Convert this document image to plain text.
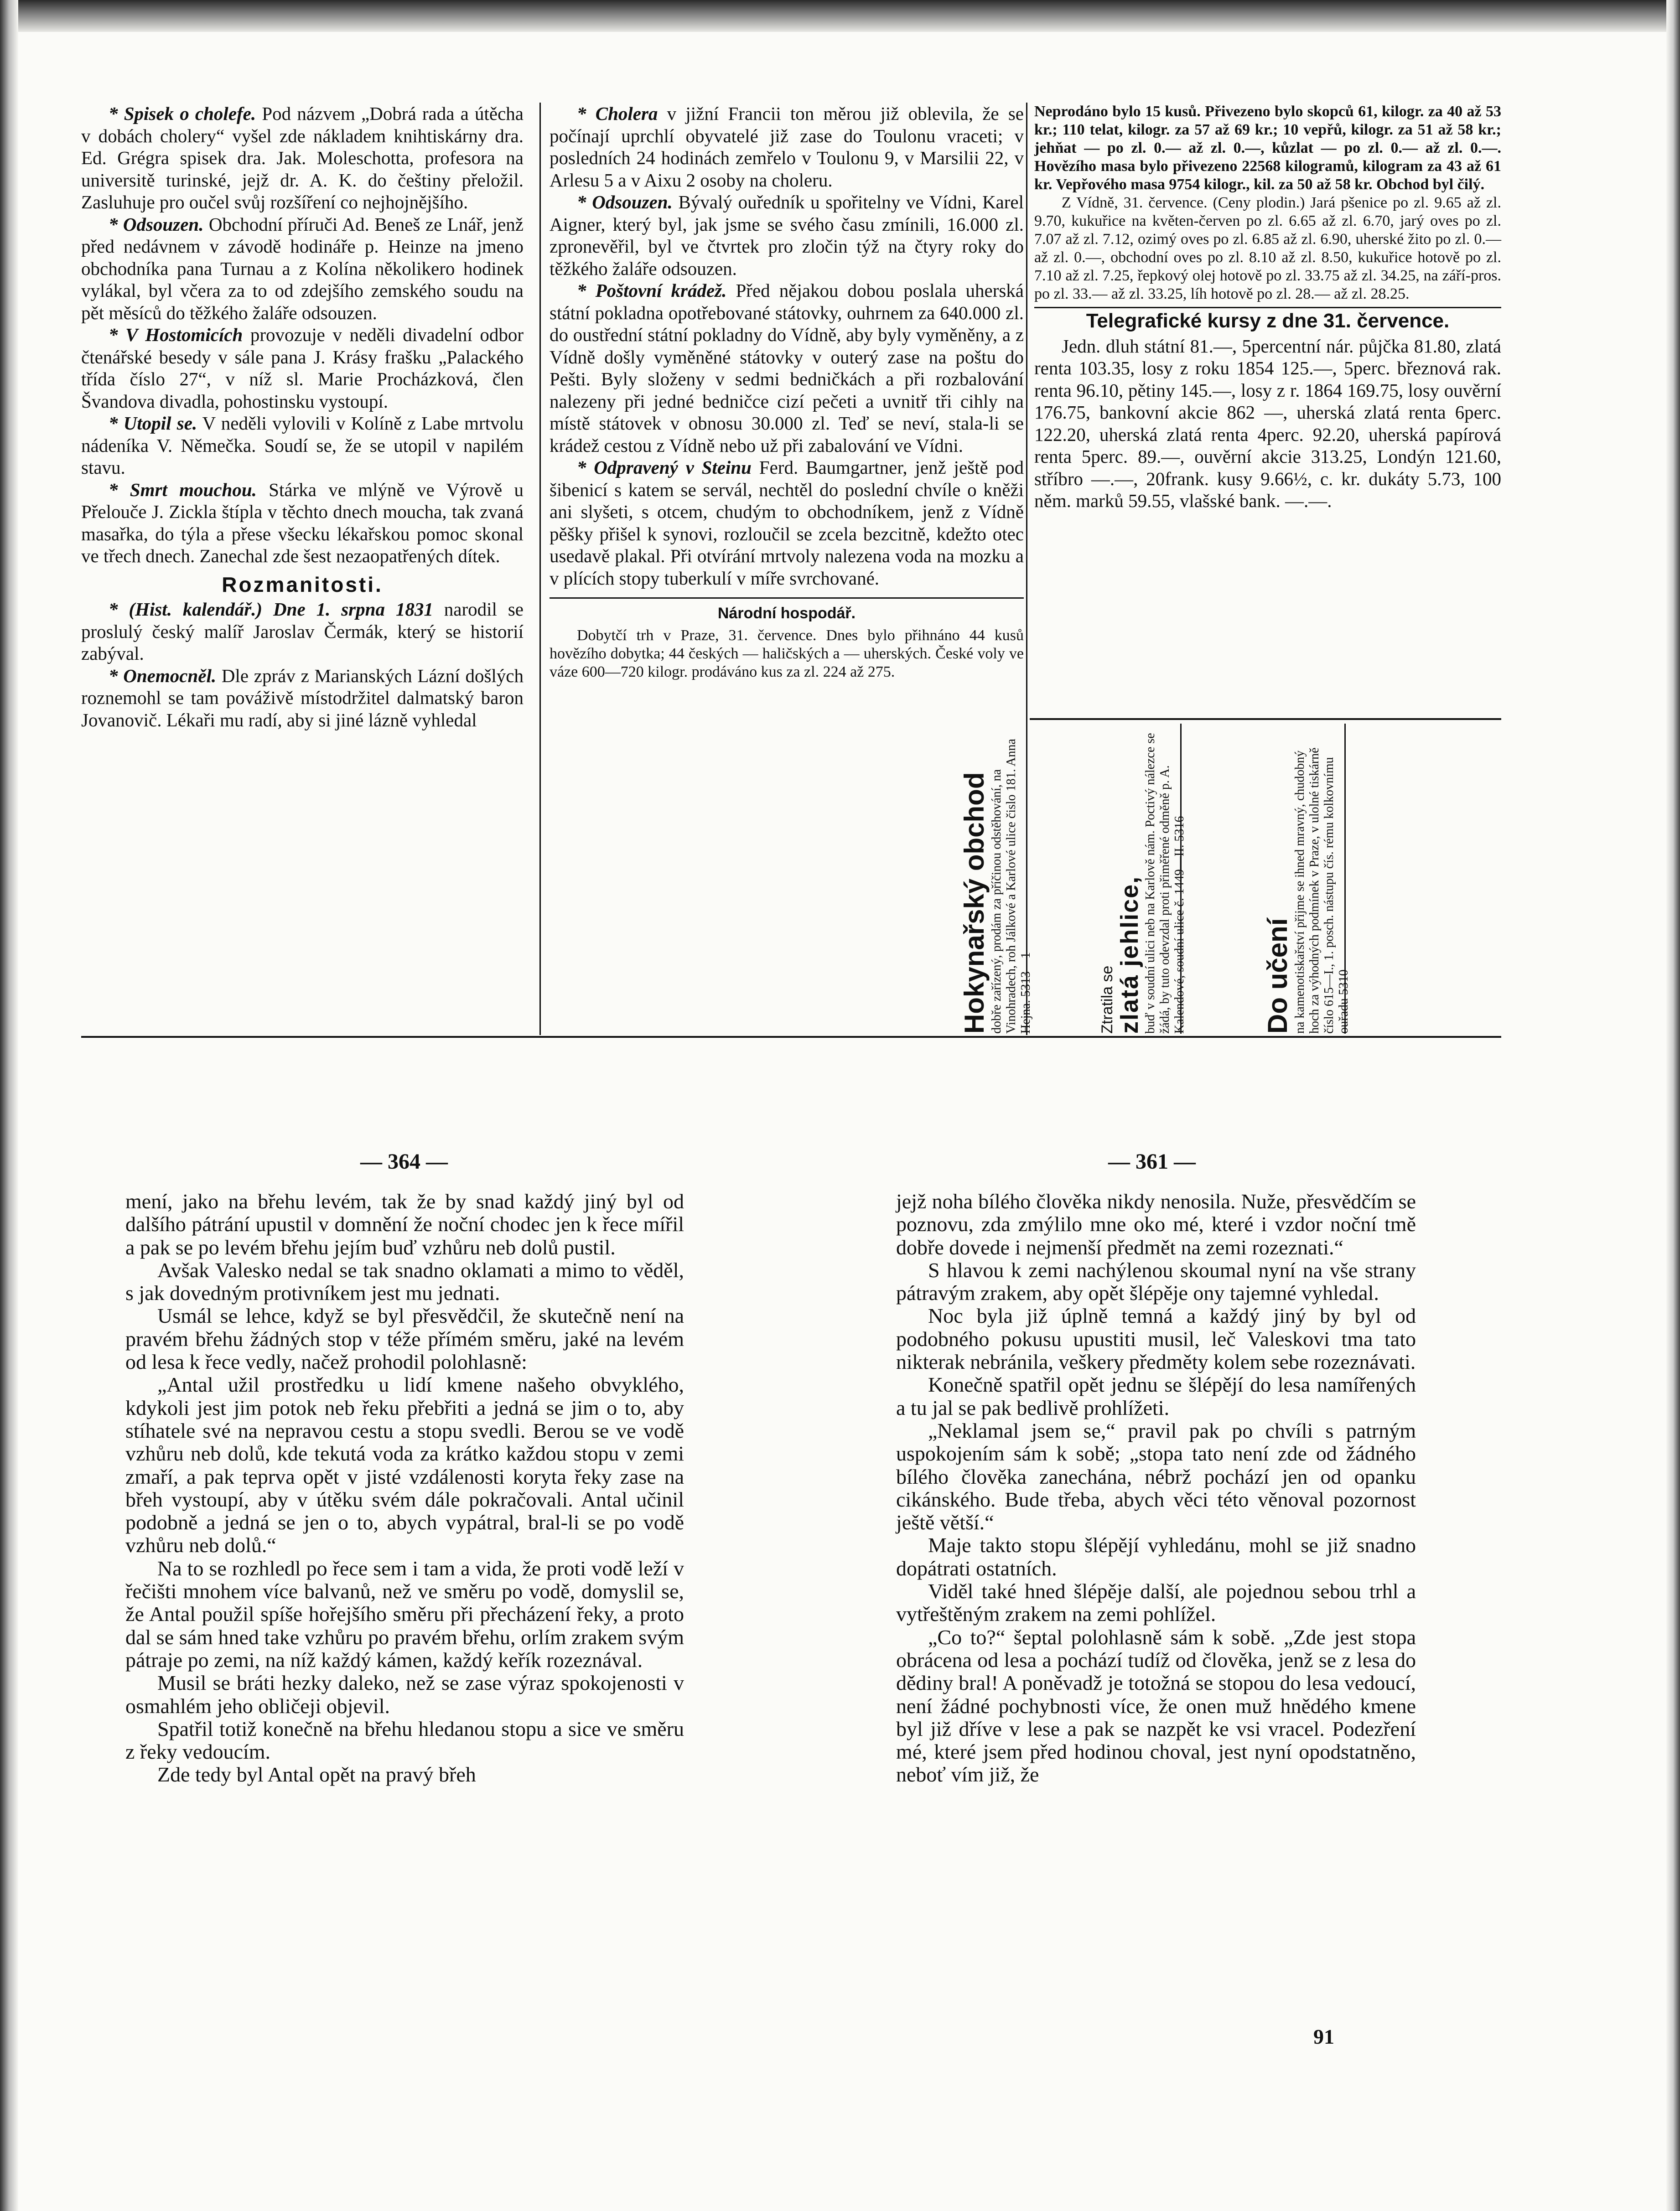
* Spisek o cholefe. Pod názvem „Dobrá rada a útěcha v dobách cholery“ vyšel zde nákladem knihtiskárny dra. Ed. Grégra spisek dra. Jak. Moleschotta, profesora na universitě turinské, jejž dr. A. K. do češtiny přeložil. Zasluhuje pro oučel svůj rozšíření co nejhojnějšího.

* Odsouzen. Obchodní příruči Ad. Beneš ze Lnář, jenž před nedávnem v závodě hodináře p. Heinze na jmeno obchodníka pana Turnau a z Kolína několikero hodinek vylákal, byl včera za to od zdejšího zemského soudu na pět měsíců do těžkého žaláře odsouzen.

* V Hostomicích provozuje v neděli divadelní odbor čtenářské besedy v sále pana J. Krásy frašku „Palackého třída číslo 27“, v níž sl. Marie Procházková, člen Švandova divadla, pohostinsku vystoupí.

* Utopil se. V neděli vylovili v Kolíně z Labe mrtvolu nádeníka V. Němečka. Soudí se, že se utopil v napilém stavu.

* Smrt mouchou. Stárka ve mlýně ve Výrově u Přelouče J. Zickla štípla v těchto dnech moucha, tak zvaná masařka, do týla a přese všecku lékařskou pomoc skonal ve třech dnech. Zanechal zde šest nezaopatřených dítek.

Rozmanitosti.

* (Hist. kalendář.) Dne 1. srpna 1831 narodil se proslulý český malíř Jaroslav Čermák, který se historií zabýval.

* Onemocněl. Dle zpráv z Marianských Lázní došlých roznemohl se tam pováživě místodržitel dalmatský baron Jovanovič. Lékaři mu radí, aby si jiné lázně vyhledal

* Cholera v jižní Francii ton měrou již oblevila, že se počínají uprchlí obyvatelé již zase do Toulonu vraceti; v posledních 24 hodinách zemřelo v Toulonu 9, v Marsilii 22, v Arlesu 5 a v Aixu 2 osoby na choleru.

* Odsouzen. Bývalý ouředník u spořitelny ve Vídni, Karel Aigner, který byl, jak jsme se svého času zmínili, 16.000 zl. zpronevěřil, byl ve čtvrtek pro zločin týž na čtyry roky do těžkého žaláře odsouzen.

* Poštovní krádež. Před nějakou dobou poslala uherská státní pokladna opotřebované státovky, ouhrnem za 640.000 zl. do oustřední státní pokladny do Vídně, aby byly vyměněny, a z Vídně došly vyměněné státovky v outerý zase na poštu do Pešti. Byly složeny v sedmi bedničkách a při rozbalování nalezeny při jedné bedničce cizí pečeti a uvnitř tři cihly na místě státovek v obnosu 30.000 zl. Teď se neví, stala-li se krádež cestou z Vídně nebo už při zabalování ve Vídni.

* Odpravený v Steinu Ferd. Baumgartner, jenž ještě pod šibenicí s katem se servál, nechtěl do poslední chvíle o kněži ani slyšeti, s otcem, chudým to obchodníkem, jenž z Vídně pěšky přišel k synovi, rozloučil se zcela bezcitně, kdežto otec usedavě plakal. Při otvírání mrtvoly nalezena voda na mozku a v plících stopy tuberkulí v míře svrchované.

Národní hospodář.

Dobytčí trh v Praze, 31. července. Dnes bylo přihnáno 44 kusů hovězího dobytka; 44 českých — haličských a — uherských. České voly ve váze 600—720 kilogr. prodáváno kus za zl. 224 až 275.

Neprodáno bylo 15 kusů. Přivezeno bylo skopců 61, kilogr. za 40 až 53 kr.; 110 telat, kilogr. za 57 až 69 kr.; 10 vepřů, kilogr. za 51 až 58 kr.; jehňat — po zl. 0.— až zl. 0.—, kůzlat — po zl. 0.— až zl. 0.—. Hovězího masa bylo přivezeno 22568 kilogramů, kilogram za 43 až 61 kr. Vepřového masa 9754 kilogr., kil. za 50 až 58 kr. Obchod byl čilý.

Z Vídně, 31. července. (Ceny plodin.) Jará pšenice po zl. 9.65 až zl. 9.70, kukuřice na květen-červen po zl. 6.65 až zl. 6.70, jarý oves po zl. 7.07 až zl. 7.12, ozimý oves po zl. 6.85 až zl. 6.90, uherské žito po zl. 0.— až zl. 0.—, obchodní oves po zl. 8.10 až zl. 8.50, kukuřice hotově po zl. 7.10 až zl. 7.25, řepkový olej hotově po zl. 33.75 až zl. 34.25, na září-pros. po zl. 33.— až zl. 33.25, líh hotově po zl. 28.— až zl. 28.25.

Telegrafické kursy z dne 31. července.

Jedn. dluh státní 81.—, 5percentní nár. půjčka 81.80, zlatá renta 103.35, losy z roku 1854 125.—, 5perc. březnová rak. renta 96.10, pětiny 145.—, losy z r. 1864 169.75, losy ouvěrní 176.75, bankovní akcie 862 —, uherská zlatá renta 6perc. 122.20, uherská zlatá renta 4perc. 92.20, uherská papírová renta 5perc. 89.—, ouvěrní akcie 313.25, Londýn 121.60, stříbro —.—, 20frank. kusy 9.66½, c. kr. dukáty 5.73, 100 něm. marků 59.55, vlašské bank. —.—.

Hokynařský obchod dobře zařízený, prodám za příčinou odstěhování, na Vinohradech, roh Jálkové a Karlové ulice čislo 181. Anna Hejna. 5313—1	Ztratila se zlatá jehlice, buď v soudní ulici neb na Karlově nám. Poctivý nálezce se žádá, by tuto odevzdal proti přiměřené odměně p. A. Kalendové, soudní ulice č. 1449—II. 5316	Do učení na kamenotiskařství přijme se ihned mravný, chudobný hoch za výhodných podmínek v Praze, v ulolné tiskárně číslo 615—I., 1. posch. nástupu čís. rému kolkovnímu ouřadu 5310
— 364 —	— 361 —

mení, jako na břehu levém, tak že by snad každý jiný byl od dalšího pátrání upustil v domnění že noční chodec jen k řece mířil a pak se po levém břehu jejím buď vzhůru neb dolů pustil.

Avšak Valesko nedal se tak snadno oklamati a mimo to věděl, s jak dovedným protivníkem jest mu jednati.

Usmál se lehce, když se byl přesvědčil, že skutečně není na pravém břehu žádných stop v téže přímém směru, jaké na levém od lesa k řece vedly, načež prohodil polohlasně:

„Antal užil prostředku u lidí kmene našeho obvyklého, kdykoli jest jim potok neb řeku přebřiti a jedná se jim o to, aby stíhatele své na nepravou cestu a stopu svedli. Berou se ve vodě vzhůru neb dolů, kde tekutá voda za krátko každou stopu v zemi zmaří, a pak teprva opět v jisté vzdálenosti koryta řeky zase na břeh vystoupí, aby v útěku svém dále pokračovali. Antal učinil podobně a jedná se jen o to, abych vypátral, bral-li se po vodě vzhůru neb dolů.“

Na to se rozhledl po řece sem i tam a vida, že proti vodě leží v řečišti mnohem více balvanů, než ve směru po vodě, domyslil se, že Antal použil spíše hořejšího směru při přecházení řeky, a proto dal se sám hned take vzhůru po pravém břehu, orlím zrakem svým pátraje po zemi, na níž každý kámen, každý keřík rozeznával.

Musil se bráti hezky daleko, než se zase výraz spokojenosti v osmahlém jeho obličeji objevil.

Spatřil totiž konečně na břehu hledanou stopu a sice ve směru z řeky vedoucím.

Zde tedy byl Antal opět na pravý břeh

jejž noha bílého člověka nikdy nenosila. Nuže, přesvědčím se poznovu, zda zmýlilo mne oko mé, které i vzdor noční tmě dobře dovede i nejmenší předmět na zemi rozeznati.“

S hlavou k zemi nachýlenou skoumal nyní na vše strany pátravým zrakem, aby opět šlépěje ony tajemné vyhledal.

Noc byla již úplně temná a každý jiný by byl od podobného pokusu upustiti musil, leč Valeskovi tma tato nikterak nebránila, veškery předměty kolem sebe rozeznávati.

Konečně spatřil opět jednu se šlépějí do lesa namířených a tu jal se pak bedlivě prohlížeti.

„Neklamal jsem se,“ pravil pak po chvíli s patrným uspokojením sám k sobě; „stopa tato není zde od žádného bílého člověka zanechána, nébrž pochází jen od opanku cikánského. Bude třeba, abych věci této věnoval pozornost ještě větší.“

Maje takto stopu šlépějí vyhledánu, mohl se již snadno dopátrati ostatních.

Viděl také hned šlépěje další, ale pojednou sebou trhl a vytřeštěným zrakem na zemi pohlížel.

„Co to?“ šeptal polohlasně sám k sobě. „Zde jest stopa obrácena od lesa a pochází tudíž od člověka, jenž se z lesa do dědiny bral! A poněvadž je totožná se stopou do lesa vedoucí, není žádné pochybnosti více, že onen muž hnědého kmene byl již dříve v lese a pak se nazpět ke vsi vracel. Podezření mé, které jsem před hodinou choval, jest nyní opodstatněno, neboť vím již, že

91
